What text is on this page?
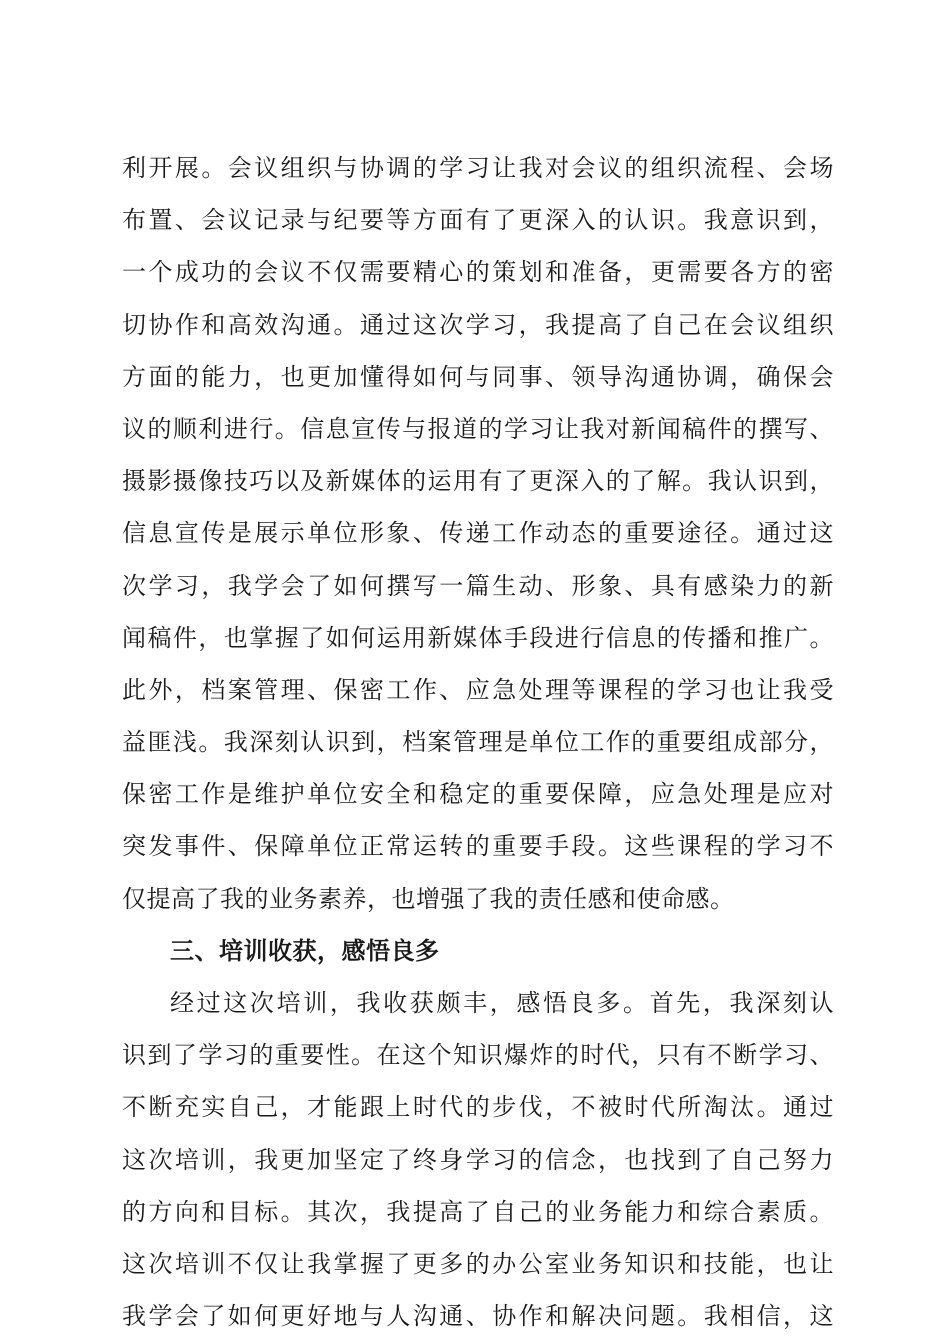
利开展。会议组织与协调的学习让我对会议的组织流程、会场
布置、会议记录与纪要等方面有了更深入的认识。我意识到，
一个成功的会议不仅需要精心的策划和准备，更需要各方的密
切协作和高效沟通。通过这次学习，我提高了自己在会议组织
方面的能力，也更加懂得如何与同事、领导沟通协调，确保会
议的顺利进行。信息宣传与报道的学习让我对新闻稿件的撰写、
摄影摄像技巧以及新媒体的运用有了更深入的了解。我认识到，
信息宣传是展示单位形象、传递工作动态的重要途径。通过这
次学习，我学会了如何撰写一篇生动、形象、具有感染力的新
闻稿件，也掌握了如何运用新媒体手段进行信息的传播和推广。
此外，档案管理、保密工作、应急处理等课程的学习也让我受
益匪浅。我深刻认识到，档案管理是单位工作的重要组成部分，
保密工作是维护单位安全和稳定的重要保障，应急处理是应对
突发事件、保障单位正常运转的重要手段。这些课程的学习不
仅提高了我的业务素养，也增强了我的责任感和使命感。
三、培训收获，感悟良多
经过这次培训，我收获颇丰，感悟良多。首先，我深刻认
识到了学习的重要性。在这个知识爆炸的时代，只有不断学习、
不断充实自己，才能跟上时代的步伐，不被时代所淘汰。通过
这次培训，我更加坚定了终身学习的信念，也找到了自己努力
的方向和目标。其次，我提高了自己的业务能力和综合素质。
这次培训不仅让我掌握了更多的办公室业务知识和技能，也让
我学会了如何更好地与人沟通、协作和解决问题。我相信，这
